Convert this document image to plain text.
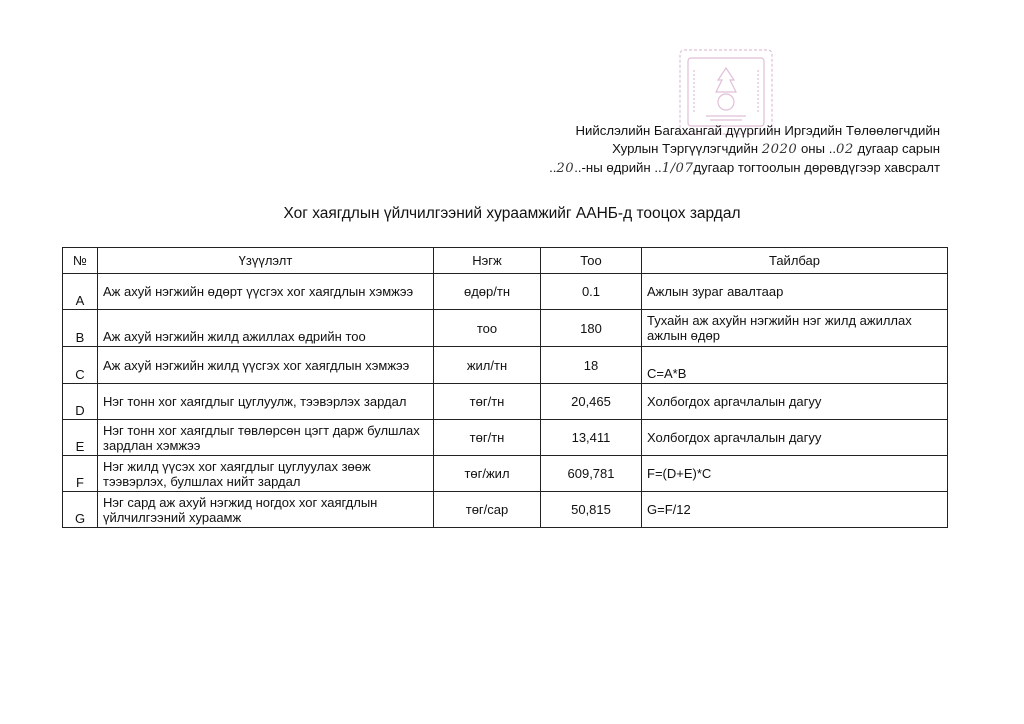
Нийслэлийн Багахангай дүүргийн Иргэдийн Төлөөлөгчдийн
Хурлын Тэргүүлэгчдийн 2020 оны ..02 дугаар сарын
..20..-ны өдрийн ..1/07дугаар тогтоолын дөрөвдүгээр хавсралт
Хог хаягдлын үйлчилгээний хураамжийг ААНБ-д тооцох зардал
№	Үзүүлэлт	Нэгж	Тоо	Тайлбар
A	Аж ахуй нэгжийн өдөрт үүсгэх хог хаягдлын хэмжээ	өдөр/тн	0.1	Ажлын зураг авалтаар
B	Аж ахуй нэгжийн жилд ажиллах өдрийн тоо	тоо	180	Тухайн аж ахуйн нэгжийн нэг жилд ажиллах ажлын өдөр
C	Аж ахуй нэгжийн жилд үүсгэх хог хаягдлын хэмжээ	жил/тн	18	C=A*B
D	Нэг тонн хог хаягдлыг цуглуулж, тээвэрлэх зардал	төг/тн	20,465	Холбогдох аргачлалын дагуу
E	Нэг тонн хог хаягдлыг төвлөрсөн цэгт дарж булшлах зардлан хэмжээ	төг/тн	13,411	Холбогдох аргачлалын дагуу
F	Нэг жилд үүсэх хог хаягдлыг цуглуулах зөөж тээвэрлэх, булшлах нийт зардал	төг/жил	609,781	F=(D+E)*C
G	Нэг сард аж ахуй нэгжид ногдох хог хаягдлын үйлчилгээний хураамж	төг/сар	50,815	G=F/12
